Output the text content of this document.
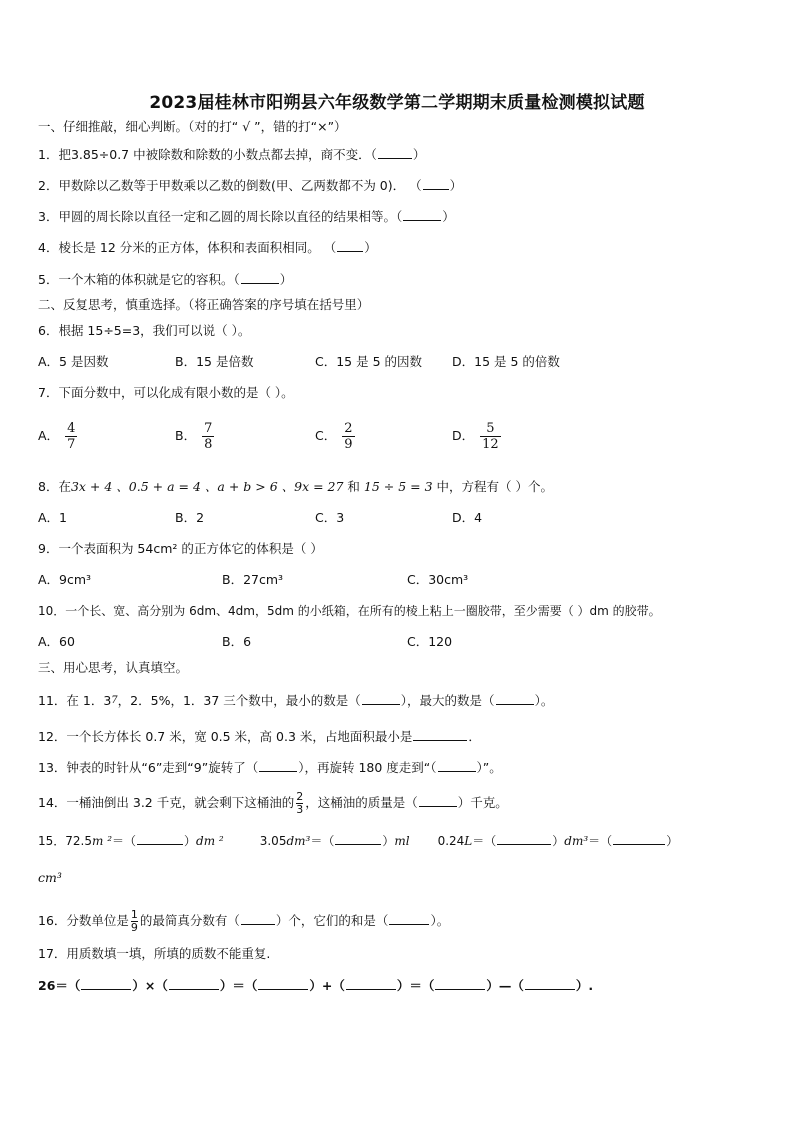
2023届桂林市阳朔县六年级数学第二学期期末质量检测模拟试题
一、仔细推敲，细心判断。（对的打“ √ ”，错的打“×”）
1．把3.85÷0.7 中被除数和除数的小数点都去掉，商不变．（	）
2．甲数除以乙数等于甲数乘以乙数的倒数(甲、乙两数都不为 0)． （ ）
3．甲圆的周长除以直径一定和乙圆的周长除以直径的结果相等。（	）
4．棱长是 12 分米的正方体，体积和表面积相同。 （ ）
5．一个木箱的体积就是它的容积。（	）
二、反复思考，慎重选择。（将正确答案的序号填在括号里）
6．根据 15÷5=3，我们可以说（ ）。
A．5 是因数	B．15 是倍数	C．15 是 5 的因数 D．15 是 5 的倍数
7．下面分数中，可以化成有限小数的是（ ）。
A． $\frac{4}{7}$	B． $\frac{7}{8}$	C． $\frac{2}{9}$	D． $\frac{5}{12}$
8．在3x + 4 、0.5 + a = 4 、a + b > 6 、9x = 27 和 15 ÷ 5 = 3 中，方程有（ ）个。
A．1	B．2	C．3	D．4
9．一个表面积为 54cm² 的正方体它的体积是（ ）
A．9cm³	B．27cm³	C．30cm³
10．一个长、宽、高分别为 6dm、4dm，5dm 的小纸箱，在所有的棱上粘上一圈胶带，至少需要（ ）dm 的胶带。
A．60	B．6	C．120
三、用心思考，认真填空。
11．在 1．37，2．5%，1．37 三个数中，最小的数是（	），最大的数是（	）。
12．一个长方体长 0.7 米，宽 0.5 米，高 0.3 米，占地面积最小是	．
13．钟表的时针从“6”走到“9”旋转了（	），再旋转 180 度走到“（	）”。
14．一桶油倒出 3.2 千克，就会剩下这桶油的 $\frac{2}{3}$ ，这桶油的质量是（	）千克。
15．72.5m ²＝（	）dm ²	3.05dm³＝（	）ml 0.24L＝（	）dm³＝（	）
cm³
16．分数单位是 $\frac{1}{9}$ 的最简真分数有（	）个，它们的和是（	）。
17．用质数填一填，所填的质数不能重复.
26＝（	）×（	）＝（	）+（	）＝（	）—（	）.
